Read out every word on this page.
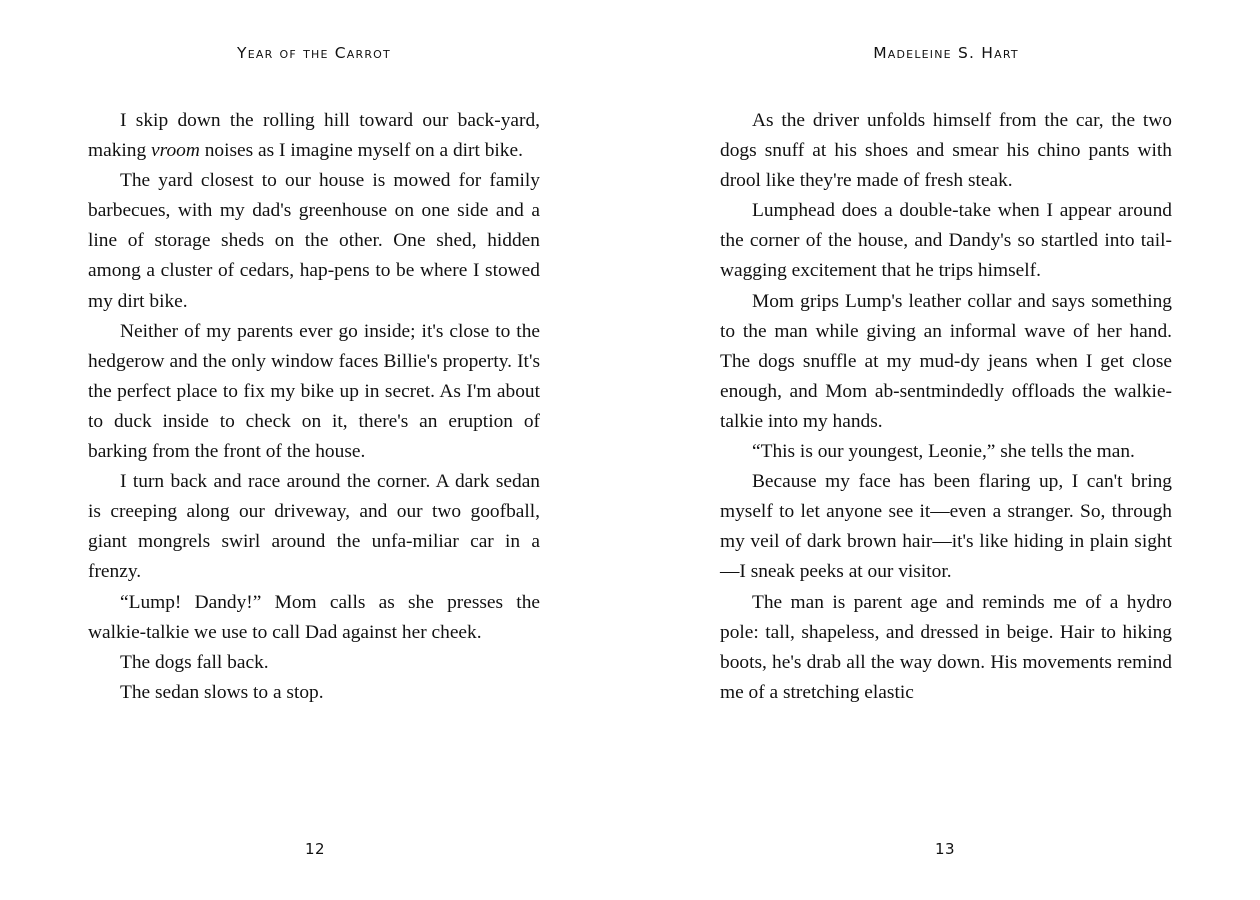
Year of the Carrot

I skip down the rolling hill toward our back-yard, making vroom noises as I imagine myself on a dirt bike.

The yard closest to our house is mowed for family barbecues, with my dad's greenhouse on one side and a line of storage sheds on the other. One shed, hidden among a cluster of cedars, hap-pens to be where I stowed my dirt bike.

Neither of my parents ever go inside; it's close to the hedgerow and the only window faces Billie's property. It's the perfect place to fix my bike up in secret. As I'm about to duck inside to check on it, there's an eruption of barking from the front of the house.

I turn back and race around the corner. A dark sedan is creeping along our driveway, and our two goofball, giant mongrels swirl around the unfa-miliar car in a frenzy.

“Lump! Dandy!” Mom calls as she presses the walkie-talkie we use to call Dad against her cheek.

The dogs fall back.

The sedan slows to a stop.

12
Madeleine S. Hart

As the driver unfolds himself from the car, the two dogs snuff at his shoes and smear his chino pants with drool like they're made of fresh steak.

Lumphead does a double-take when I appear around the corner of the house, and Dandy's so startled into tail-wagging excitement that he trips himself.

Mom grips Lump's leather collar and says something to the man while giving an informal wave of her hand. The dogs snuffle at my mud-dy jeans when I get close enough, and Mom ab-sentmindedly offloads the walkie-talkie into my hands.

“This is our youngest, Leonie,” she tells the man.

Because my face has been flaring up, I can't bring myself to let anyone see it—even a stranger. So, through my veil of dark brown hair—it's like hiding in plain sight—I sneak peeks at our visitor.

The man is parent age and reminds me of a hydro pole: tall, shapeless, and dressed in beige. Hair to hiking boots, he's drab all the way down. His movements remind me of a stretching elastic

13
